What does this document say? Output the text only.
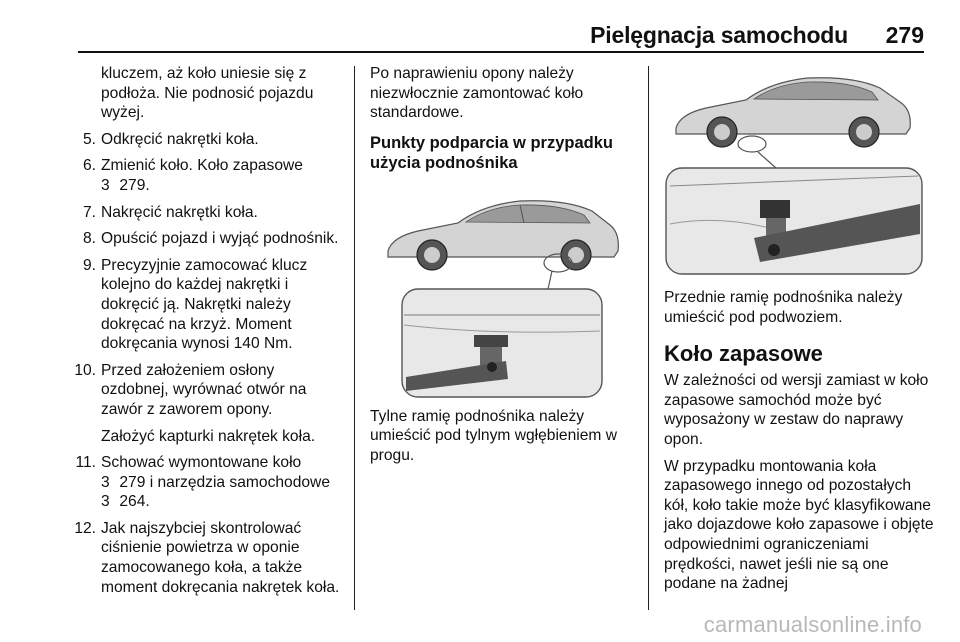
Pielęgnacja samochodu 279

kluczem, aż koło uniesie się z podłoża. Nie podnosić pojazdu wyżej.

5. Odkręcić nakrętki koła.
6. Zmienić koło. Koło zapasowe
3 279.
7. Nakręcić nakrętki koła.
8. Opuścić pojazd i wyjąć podnośnik.
9. Precyzyjnie zamocować klucz kolejno do każdej nakrętki i dokręcić ją. Nakrętki należy dokręcać na krzyż. Moment dokręcania wynosi 140 Nm.
10. Przed założeniem osłony ozdobnej, wyrównać otwór na zawór z zaworem opony.

Założyć kapturki nakrętek koła.

11. Schować wymontowane koło
3 279 i narzędzia samochodowe
3 264.
12. Jak najszybciej skontrolować ciśnienie powietrza w oponie zamocowanego koła, a także moment dokręcania nakrętek koła.

Po naprawieniu opony należy niezwłocznie zamontować koło standardowe.

Punkty podparcia w przypadku użycia podnośnika

Tylne ramię podnośnika należy umieścić pod tylnym wgłębieniem w progu.

Przednie ramię podnośnika należy umieścić pod podwoziem.

Koło zapasowe

W zależności od wersji zamiast w koło zapasowe samochód może być wyposażony w zestaw do naprawy opon.

W przypadku montowania koła zapasowego innego od pozostałych kół, koło takie może być klasyfikowane jako dojazdowe koło zapasowe i objęte odpowiednimi ograniczeniami prędkości, nawet jeśli nie są one podane na żadnej

carmanualsonline.info
